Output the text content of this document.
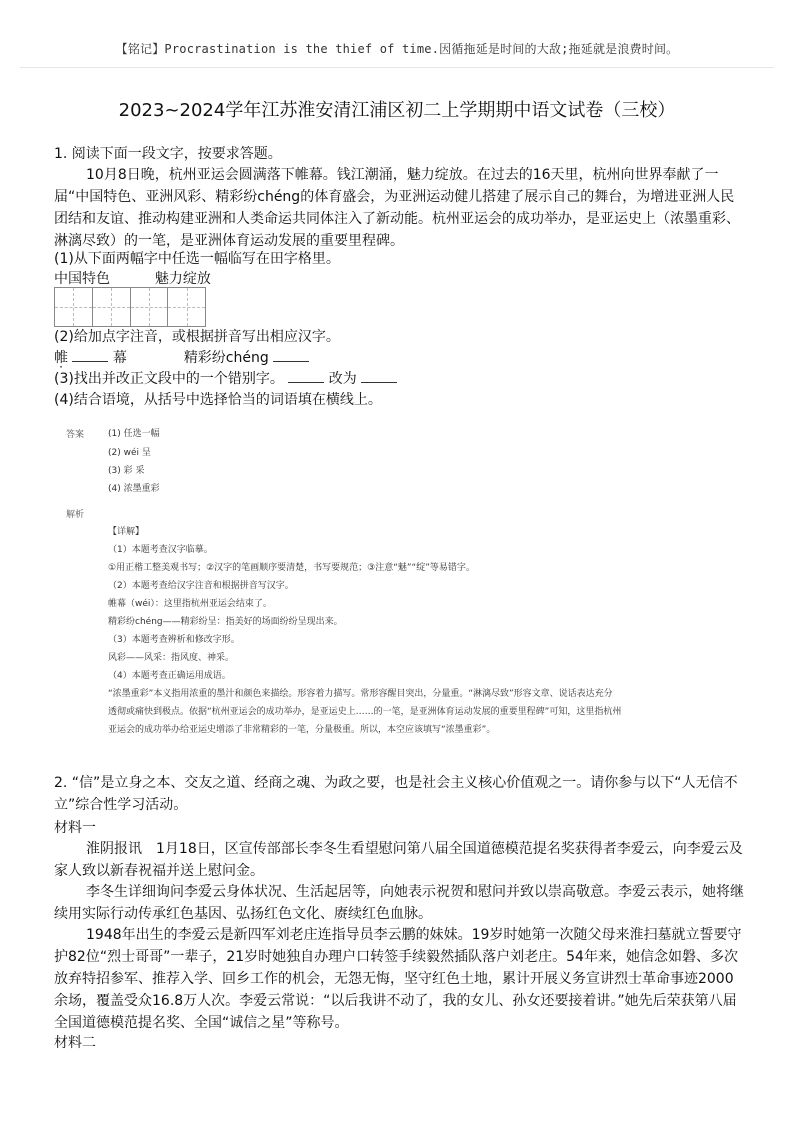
【铭记】Procrastination is the thief of time.因循拖延是时间的大敌;拖延就是浪费时间。
2023~2024学年江苏淮安清江浦区初二上学期期中语文试卷（三校）
1. 阅读下面一段文字，按要求答题。
10月8日晚，杭州亚运会圆满落下帷幕。钱江潮涌，魅力绽放。在过去的16天里，杭州向世界奉献了一届“中国特色、亚洲风彩、精彩纷chéng的体育盛会，为亚洲运动健儿搭建了展示自己的舞台，为增进亚洲人民团结和友谊、推动构建亚洲和人类命运共同体注入了新动能。杭州亚运会的成功举办，是亚运史上（浓墨重彩、淋漓尽致）的一笔，是亚洲体育运动发展的重要里程碑。
(1)从下面两幅字中任选一幅临写在田字格里。
中国特色	魅力绽放
(2)给加点字注音，或根据拼音写出相应汉字。
帷	幕	精彩纷chéng
(3)找出并改正文段中的一个错别字。	改为
(4)结合语境，从括号中选择恰当的词语填在横线上。
答案	(1) 任选一幅
(2) wéi 呈
(3) 彩 采
(4) 浓墨重彩
解析
【详解】
（1）本题考查汉字临摹。
①用正楷工整美观书写；②汉字的笔画顺序要清楚，书写要规范；③注意“魅”“绽”等易错字。
（2）本题考查给汉字注音和根据拼音写汉字。
帷幕（wéi）：这里指杭州亚运会结束了。
精彩纷chéng——精彩纷呈：指美好的场面纷纷呈现出来。
（3）本题考查辨析和修改字形。
风彩——风采：指风度、神采。
（4）本题考查正确运用成语。
“浓墨重彩”本义指用浓重的墨汁和颜色来描绘。形容着力描写。常形容醒目突出，分量重。“淋漓尽致”形容文章、说话表达充分
透彻或痛快到极点。依据“杭州亚运会的成功举办，是亚运史上……的一笔，是亚洲体育运动发展的重要里程碑”可知，这里指杭州
亚运会的成功举办给亚运史增添了非常精彩的一笔，分量极重。所以，本空应该填写“浓墨重彩”。
2. “信”是立身之本、交友之道、经商之魂、为政之要，也是社会主义核心价值观之一。请你参与以下“人无信不立”综合性学习活动。
材料一
淮阴报讯　1月18日，区宣传部部长李冬生看望慰问第八届全国道德模范提名奖获得者李爱云，向李爱云及家人致以新春祝福并送上慰问金。
李冬生详细询问李爱云身体状况、生活起居等，向她表示祝贺和慰问并致以崇高敬意。李爱云表示，她将继续用实际行动传承红色基因、弘扬红色文化、赓续红色血脉。
1948年出生的李爱云是新四军刘老庄连指导员李云鹏的妹妹。19岁时她第一次随父母来淮扫墓就立誓要守护82位“烈士哥哥”一辈子，21岁时她独自办理户口转签手续毅然插队落户刘老庄。54年来，她信念如磐、多次放弃特招参军、推荐入学、回乡工作的机会，无怨无悔，坚守红色土地，累计开展义务宣讲烈士革命事迹2000余场，覆盖受众16.8万人次。李爱云常说：“以后我讲不动了，我的女儿、孙女还要接着讲。”她先后荣获第八届全国道德模范提名奖、全国“诚信之星”等称号。
材料二
